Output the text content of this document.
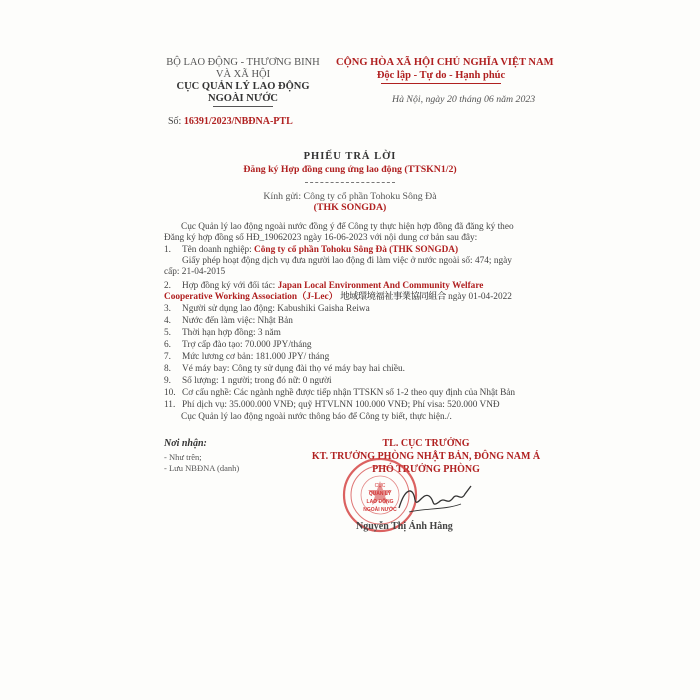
BỘ LAO ĐỘNG - THƯƠNG BINH
VÀ XÃ HỘI
CỤC QUẢN LÝ LAO ĐỘNG
NGOÀI NƯỚC
CỘNG HÒA XÃ HỘI CHỦ NGHĨA VIỆT NAM
Độc lập - Tự do - Hạnh phúc
Hà Nội, ngày 20 tháng 06 năm 2023
Số: 16391/2023/NBĐNA-PTL
PHIẾU TRẢ LỜI
Đăng ký Hợp đồng cung ứng lao động (TTSKN1/2)
Kính gửi: Công ty cổ phần Tohoku Sông Đà
(THK SONGDA)
Cục Quản lý lao động ngoài nước đồng ý để Công ty thực hiện hợp đồng đã đăng ký theo
Đăng ký hợp đồng số HĐ_19062023 ngày 16-06-2023 với nội dung cơ bản sau đây:
1. Tên doanh nghiệp: Công ty cổ phần Tohoku Sông Đà (THK SONGDA)
Giấy phép hoạt động dịch vụ đưa người lao động đi làm việc ở nước ngoài số: 474; ngày
cấp: 21-04-2015
2. Hợp đồng ký với đối tác: Japan Local Environment And Community Welfare
Cooperative Working Association（J-Lec） 地域環境福祉事業協同組合 ngày 01-04-2022
3. Người sử dụng lao động: Kabushiki Gaisha Reiwa
4. Nước đến làm việc: Nhật Bản
5. Thời hạn hợp đồng: 3 năm
6. Trợ cấp đào tạo: 70.000 JPY/tháng
7. Mức lương cơ bản: 181.000 JPY/ tháng
8. Vé máy bay: Công ty sử dụng đài thọ vé máy bay hai chiều.
9. Số lượng: 1 người; trong đó nữ: 0 người
10. Cơ cấu nghề: Các ngành nghề được tiếp nhận TTSKN số 1-2 theo quy định của Nhật Bản
11. Phí dịch vụ: 35.000.000 VNĐ; quỹ HTVLNN 100.000 VNĐ; Phí visa: 520.000 VNĐ
Cục Quản lý lao động ngoài nước thông báo để Công ty biết, thực hiện./.
Nơi nhận:
- Như trên;
- Lưu NBĐNA (danh)
TL. CỤC TRƯỞNG
KT. TRƯỞNG PHÒNG NHẬT BẢN, ĐÔNG NAM Á
PHÓ TRƯỞNG PHÒNG
CỤC
QUẢN LÝ
LAO ĐỘNG
NGOÀI NƯỚC
Nguyễn Thị Ánh Hằng
